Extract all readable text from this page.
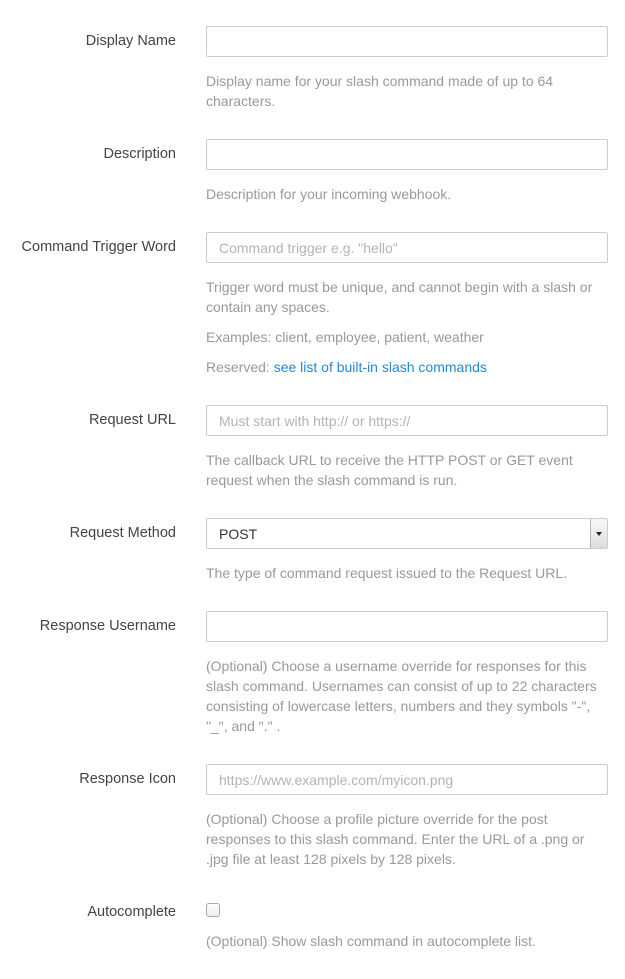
Display Name

Display name for your slash command made of up to 64 characters.

Description

Description for your incoming webhook.

Command Trigger Word
Command trigger e.g. "hello"

Trigger word must be unique, and cannot begin with a slash or contain any spaces.

Examples: client, employee, patient, weather

Reserved: see list of built-in slash commands

Request URL
Must start with http:// or https://

The callback URL to receive the HTTP POST or GET event request when the slash command is run.

Request Method
POST

The type of command request issued to the Request URL.

Response Username

(Optional) Choose a username override for responses for this slash command. Usernames can consist of up to 22 characters consisting of lowercase letters, numbers and they symbols "-", "_", and "." .

Response Icon
https://www.example.com/myicon.png

(Optional) Choose a profile picture override for the post responses to this slash command. Enter the URL of a .png or .jpg file at least 128 pixels by 128 pixels.

Autocomplete

(Optional) Show slash command in autocomplete list.
